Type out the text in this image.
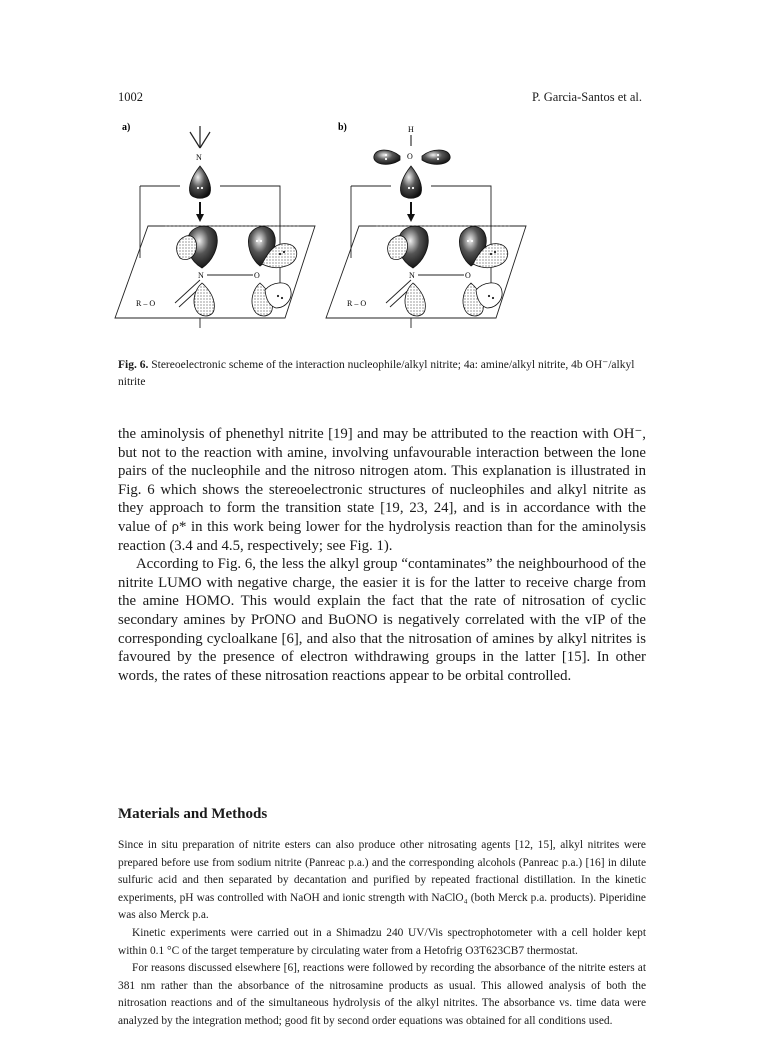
1002	P. Garcia-Santos et al.
a)
N
N	O
R – O
b)	H
O
N	O
R – O
Fig. 6. Stereoelectronic scheme of the interaction nucleophile/alkyl nitrite; 4a: amine/alkyl nitrite, 4b OH⁻/alkyl nitrite

the aminolysis of phenethyl nitrite [19] and may be attributed to the reaction with OH⁻, but not to the reaction with amine, involving unfavourable interaction between the lone pairs of the nucleophile and the nitroso nitrogen atom. This explanation is illustrated in Fig. 6 which shows the stereoelectronic structures of nucleophiles and alkyl nitrite as they approach to form the transition state [19, 23, 24], and is in accordance with the value of ρ* in this work being lower for the hydrolysis reaction than for the aminolysis reaction (3.4 and 4.5, respectively; see Fig. 1).

According to Fig. 6, the less the alkyl group “contaminates” the neighbourhood of the nitrite LUMO with negative charge, the easier it is for the latter to receive charge from the amine HOMO. This would explain the fact that the rate of nitrosation of cyclic secondary amines by PrONO and BuONO is negatively correlated with the vIP of the corresponding cycloalkane [6], and also that the nitrosation of amines by alkyl nitrites is favoured by the presence of electron withdrawing groups in the latter [15]. In other words, the rates of these nitrosation reactions appear to be orbital controlled.

Materials and Methods

Since in situ preparation of nitrite esters can also produce other nitrosating agents [12, 15], alkyl nitrites were prepared before use from sodium nitrite (Panreac p.a.) and the corresponding alcohols (Panreac p.a.) [16] in dilute sulfuric acid and then separated by decantation and purified by repeated fractional distillation. In the kinetic experiments, pH was controlled with NaOH and ionic strength with NaClO₄ (both Merck p.a. products). Piperidine was also Merck p.a.

Kinetic experiments were carried out in a Shimadzu 240 UV/Vis spectrophotometer with a cell holder kept within 0.1 °C of the target temperature by circulating water from a Hetofrig O3T623CB7 thermostat.

For reasons discussed elsewhere [6], reactions were followed by recording the absorbance of the nitrite esters at 381 nm rather than the absorbance of the nitrosamine products as usual. This allowed analysis of both the nitrosation reactions and of the simultaneous hydrolysis of the alkyl nitrites. The absorbance vs. time data were analyzed by the integration method; good fit by second order equations was obtained for all conditions used.
